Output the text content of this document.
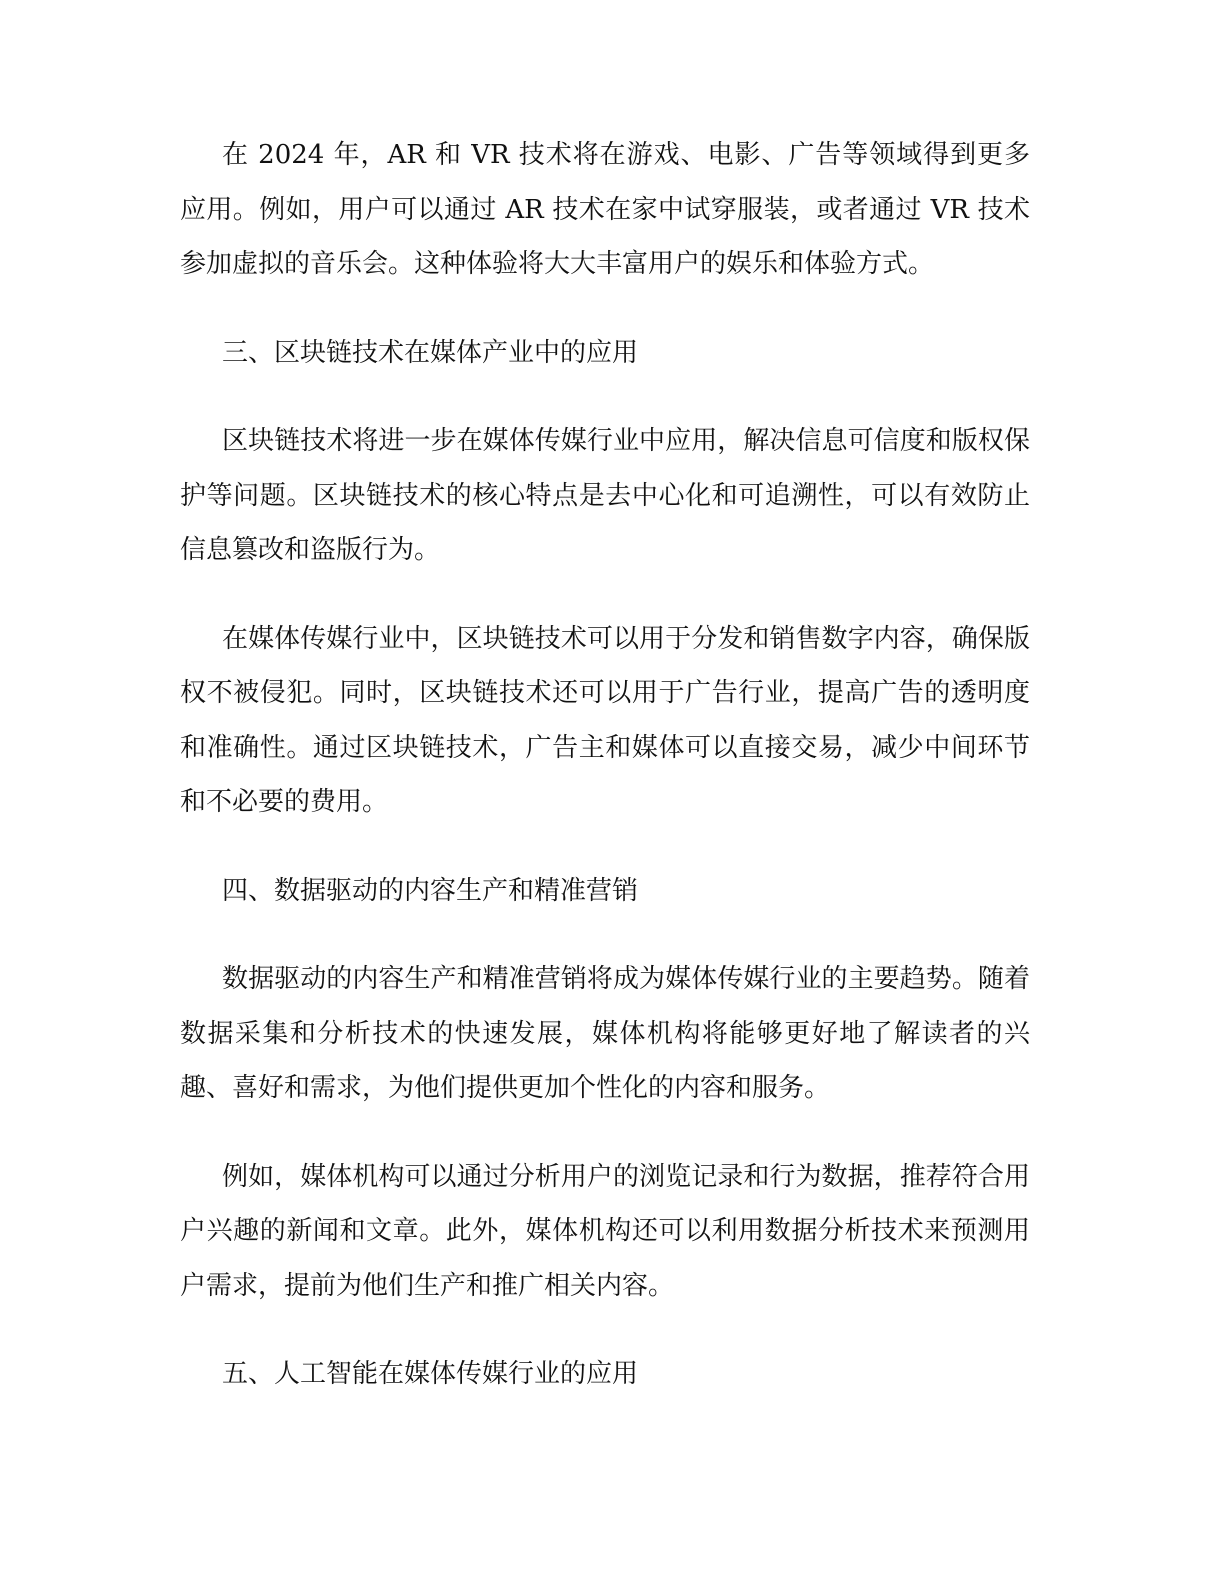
在 2024 年，AR 和 VR 技术将在游戏、电影、广告等领域得到更多应用。例如，用户可以通过 AR 技术在家中试穿服装，或者通过 VR 技术参加虚拟的音乐会。这种体验将大大丰富用户的娱乐和体验方式。

三、区块链技术在媒体产业中的应用

区块链技术将进一步在媒体传媒行业中应用，解决信息可信度和版权保护等问题。区块链技术的核心特点是去中心化和可追溯性，可以有效防止信息篡改和盗版行为。

在媒体传媒行业中，区块链技术可以用于分发和销售数字内容，确保版权不被侵犯。同时，区块链技术还可以用于广告行业，提高广告的透明度和准确性。通过区块链技术，广告主和媒体可以直接交易，减少中间环节和不必要的费用。

四、数据驱动的内容生产和精准营销

数据驱动的内容生产和精准营销将成为媒体传媒行业的主要趋势。随着数据采集和分析技术的快速发展，媒体机构将能够更好地了解读者的兴趣、喜好和需求，为他们提供更加个性化的内容和服务。

例如，媒体机构可以通过分析用户的浏览记录和行为数据，推荐符合用户兴趣的新闻和文章。此外，媒体机构还可以利用数据分析技术来预测用户需求，提前为他们生产和推广相关内容。

五、人工智能在媒体传媒行业的应用
